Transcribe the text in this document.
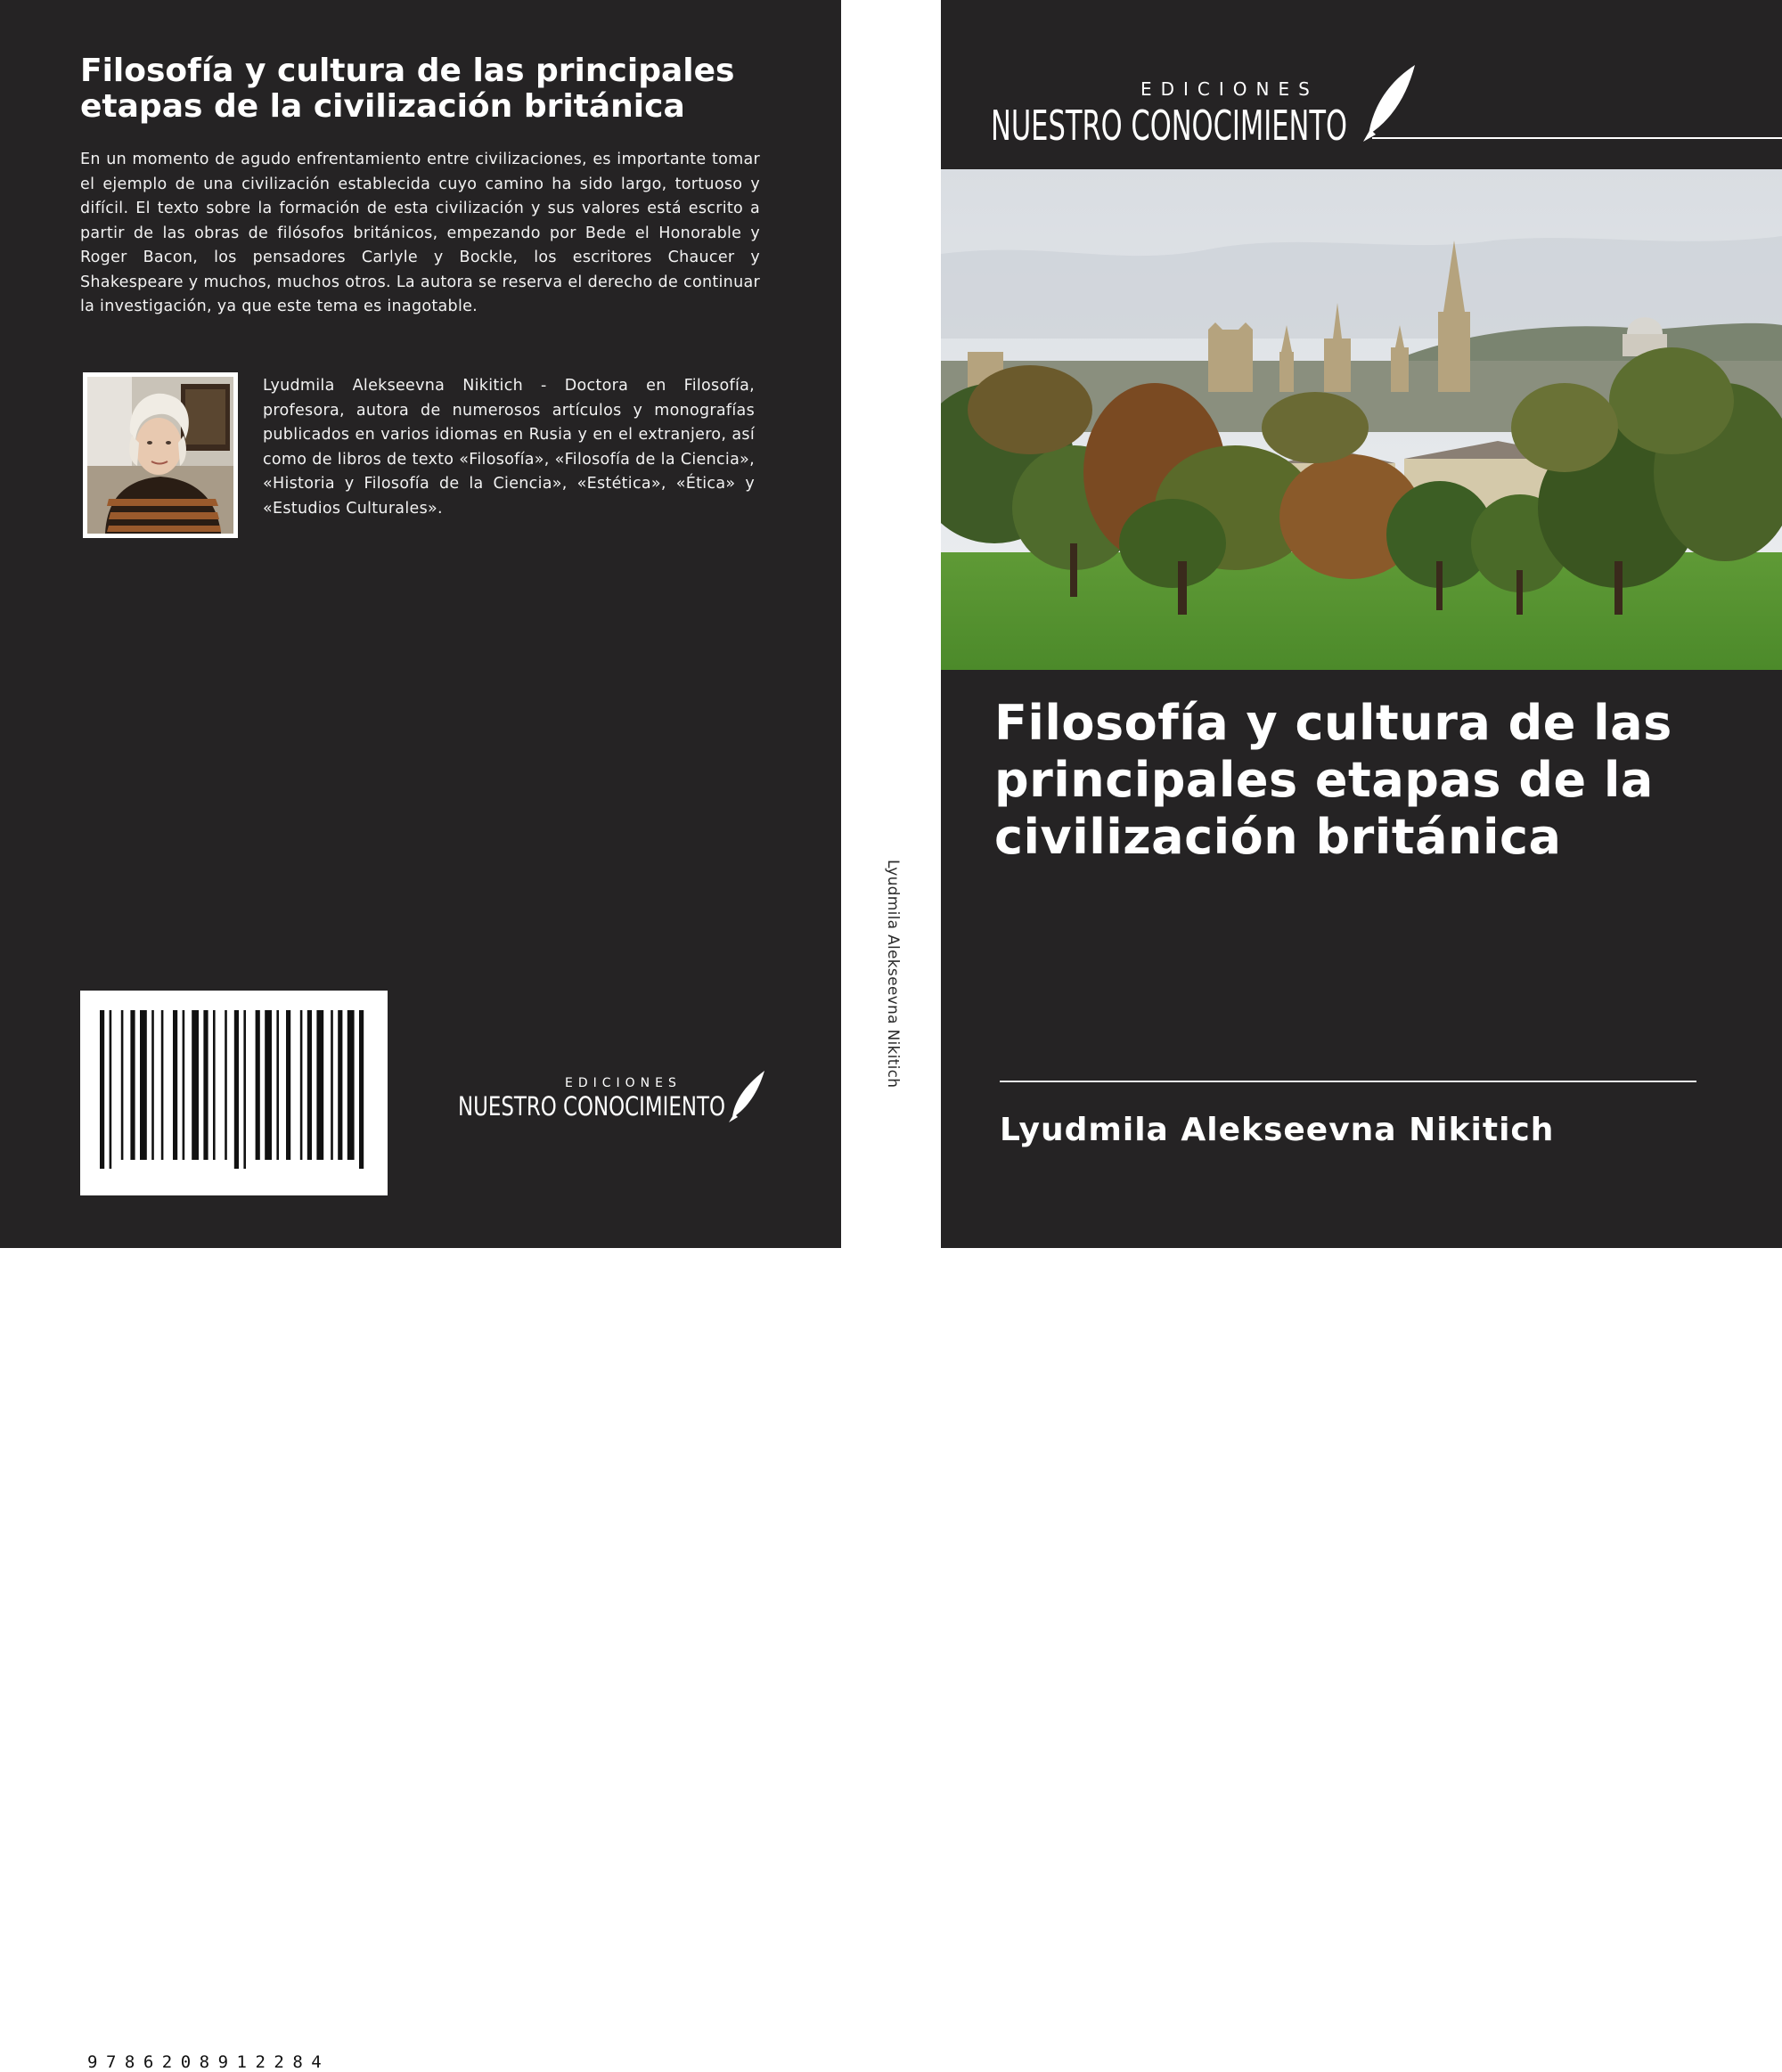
Filosofía y cultura de las principales etapas de la civilización británica
En un momento de agudo enfrentamiento entre civilizaciones, es importante tomar el ejemplo de una civilización establecida cuyo camino ha sido largo, tortuoso y difícil. El texto sobre la formación de esta civilización y sus valores está escrito a partir de las obras de filósofos británicos, empezando por Bede el Honorable y Roger Bacon, los pensadores Carlyle y Bockle, los escritores Chaucer y Shakespeare y muchos, muchos otros. La autora se reserva el derecho de continuar la investigación, ya que este tema es inagotable.
Lyudmila Alekseevna Nikitich - Doctora en Filosofía, profesora, autora de numerosos artículos y monografías publicados en varios idiomas en Rusia y en el extranjero, así como de libros de texto «Filosofía», «Filosofía de la Ciencia», «Historia y Filosofía de la Ciencia», «Estética», «Ética» y «Estudios Culturales».
9786208912284
EDICIONES
NUESTRO CONOCIMIENTO
Lyudmila Alekseevna Nikitich
EDICIONES
NUESTRO CONOCIMIENTO
Filosofía y cultura de las principales etapas de la civilización británica
Lyudmila Alekseevna Nikitich
